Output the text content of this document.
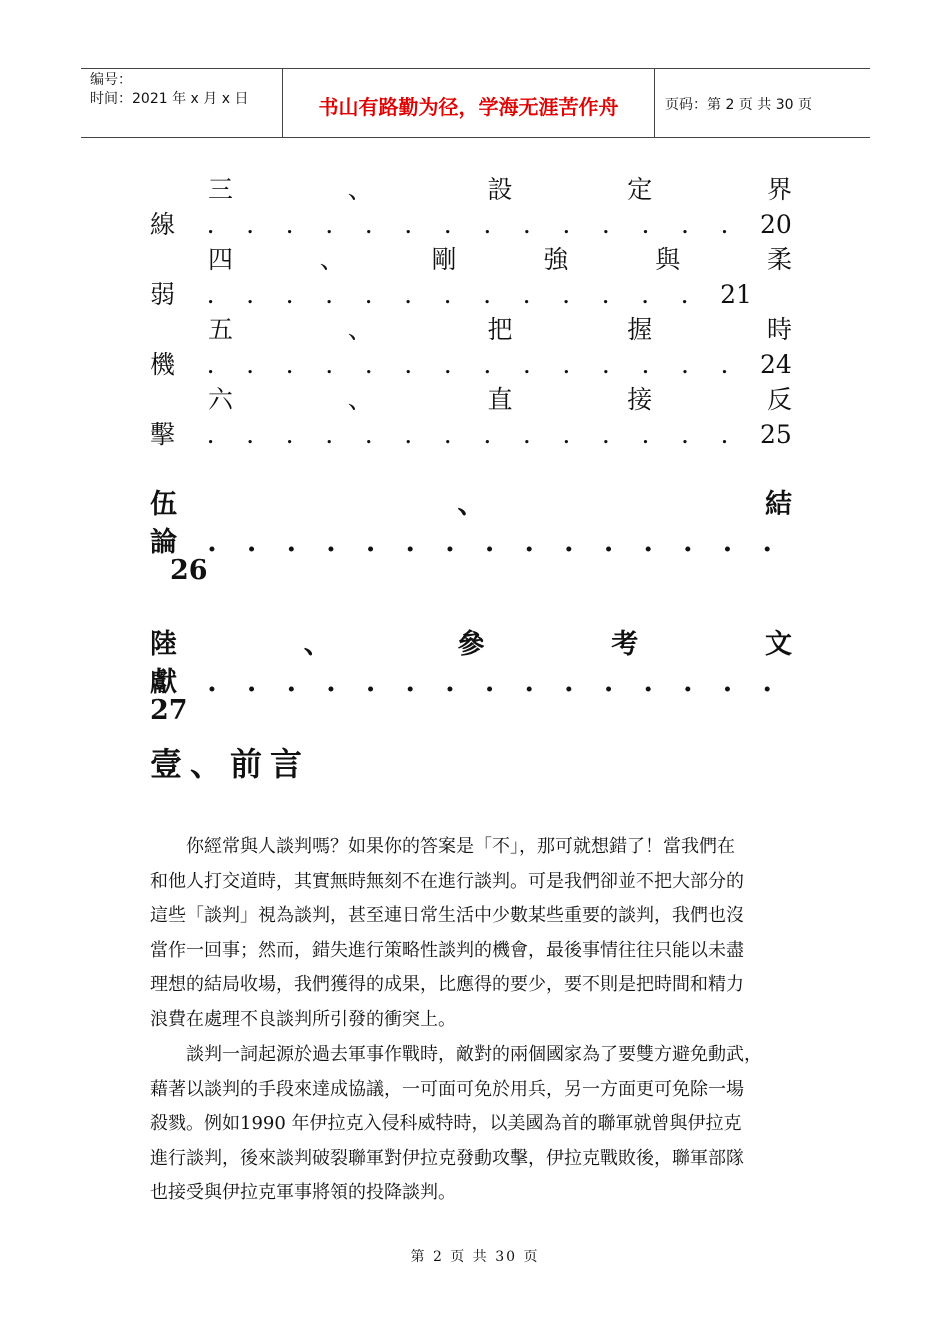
编号：
时间：2021 年 x 月 x 日	书山有路勤为径，学海无涯苦作舟	页码：第 2 页 共 30 页
三	、	設	定	界
線 . . . . . . . . . . . . . . 20
四	、	剛	強	與	柔
弱 . . . . . . . . . . . . . 21
五	、	把	握	時
機 . . . . . . . . . . . . . . 24
六	、	直	接	反
擊 . . . . . . . . . . . . . . 25
伍	、	結
論 . . . . . . . . . . . . . . .
26
陸	、	參	考	文
獻 . . . . . . . . . . . . . . .
27
壹、前言
　　你經常與人談判嗎？如果你的答案是「不」，那可就想錯了！當我們在
和他人打交道時，其實無時無刻不在進行談判。可是我們卻並不把大部分的
這些「談判」視為談判，甚至連日常生活中少數某些重要的談判，我們也沒
當作一回事；然而，錯失進行策略性談判的機會，最後事情往往只能以未盡
理想的結局收場，我們獲得的成果，比應得的要少，要不則是把時間和精力
浪費在處理不良談判所引發的衝突上。
　　談判一詞起源於過去軍事作戰時，敵對的兩個國家為了要雙方避免動武，
藉著以談判的手段來達成協議，一可面可免於用兵，另一方面更可免除一場
殺戮。例如1990 年伊拉克入侵科威特時，以美國為首的聯軍就曾與伊拉克
進行談判，後來談判破裂聯軍對伊拉克發動攻擊，伊拉克戰敗後，聯軍部隊
也接受與伊拉克軍事將領的投降談判。
第 2 页 共 30 页
